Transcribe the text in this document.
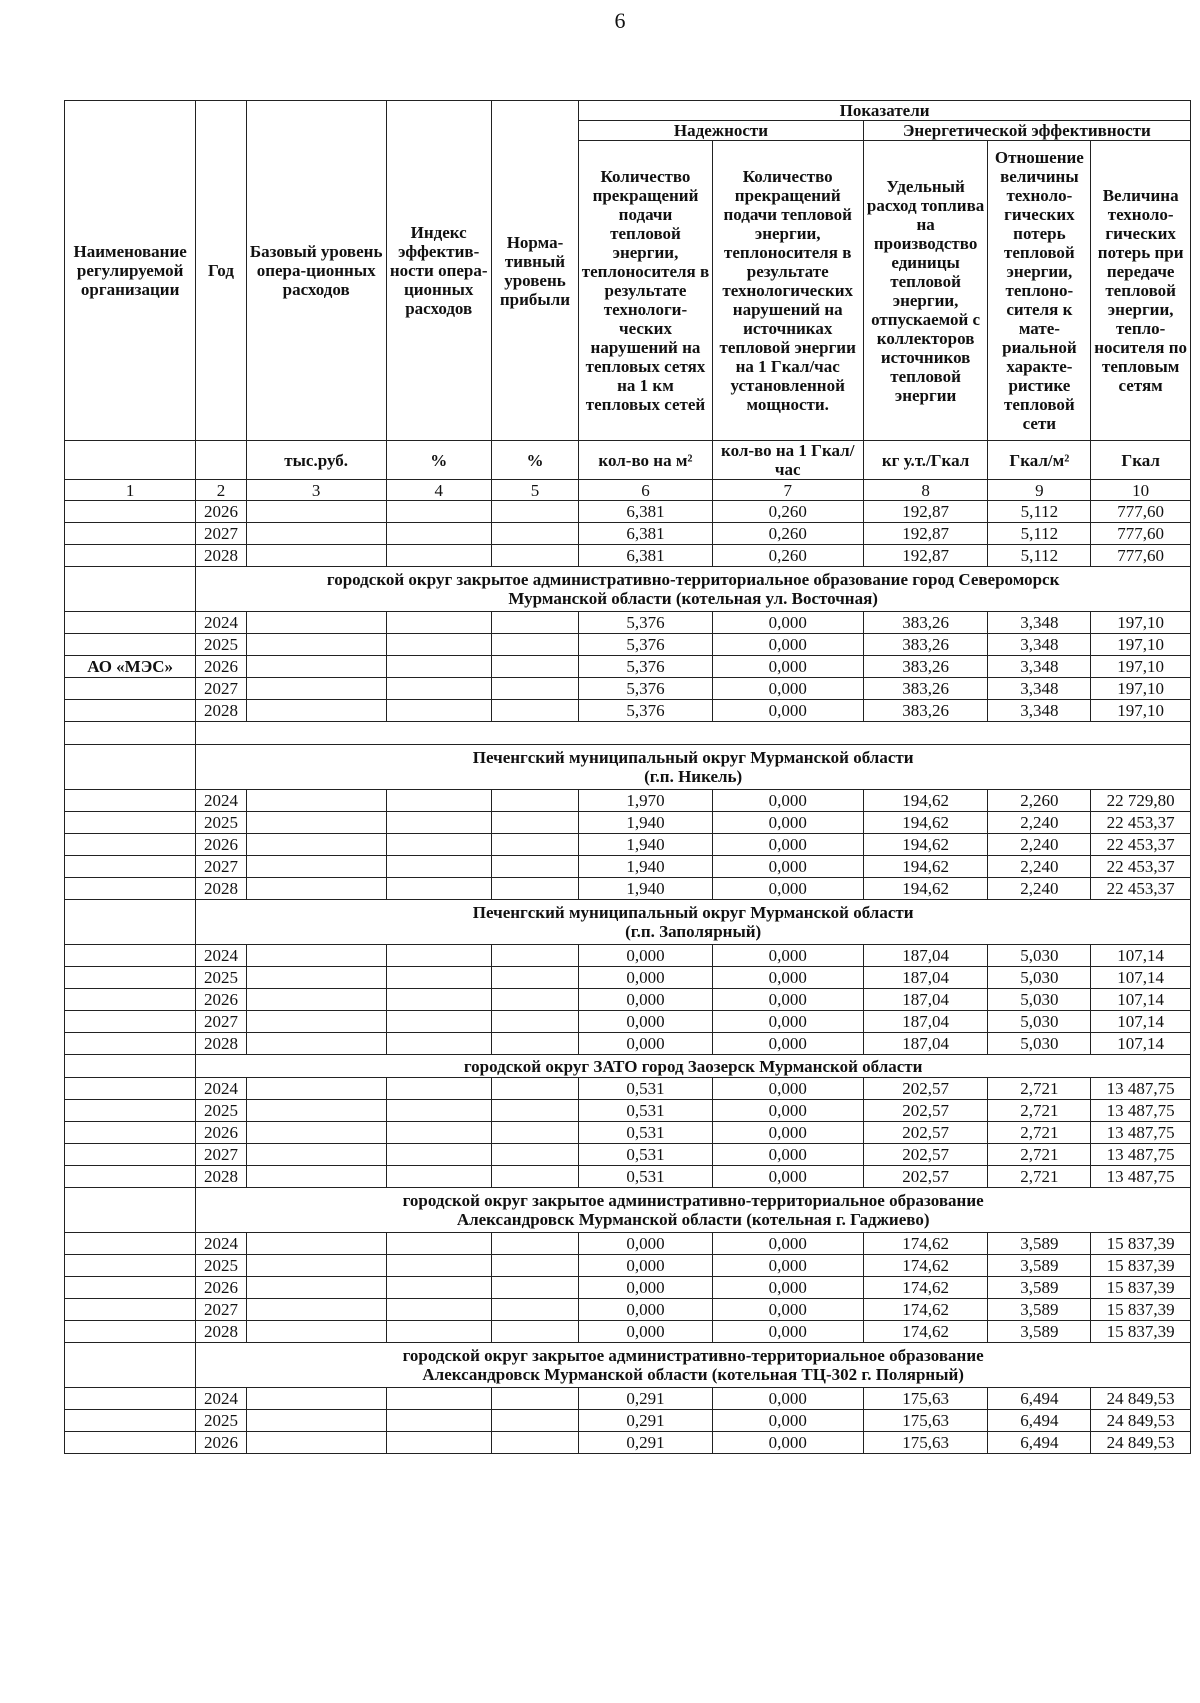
6
Наименование регулируемой организации	Год	Базовый уровень опера-ционных расходов	Индекс эффектив-ности опера-ционных расходов	Норма-тивный уровень прибыли	Показатели				
					Надежности		Энергетической эффективности		
					Количество прекращений подачи тепловой энергии, теплоносителя в результате технологи-ческих нарушений на тепловых сетях на 1 км тепловых сетей	Количество прекращений подачи тепловой энергии, теплоносителя в результате технологических нарушений на источниках тепловой энергии на 1 Гкал/час установленной мощности.	Удельный расход топлива на производство единицы тепловой энергии, отпускаемой с коллекторов источников тепловой энергии	Отношение величины техноло-гических потерь тепловой энергии, теплоно-сителя к мате-риальной характе-ристике тепловой сети	Величина техноло-гических потерь при передаче тепловой энергии, тепло-носителя по тепловым сетям
		тыс.руб.	%	%	кол-во на м²	кол-во на 1 Гкал/час	кг у.т./Гкал	Гкал/м²	Гкал
1	2	3	4	5	6	7	8	9	10
	2026				6,381	0,260	192,87	5,112	777,60
	2027				6,381	0,260	192,87	5,112	777,60
	2028				6,381	0,260	192,87	5,112	777,60

	городской округ закрытое административно-территориальное образование город Североморск
Мурманской области (котельная ул. Восточная)								

	2024				5,376	0,000	383,26	3,348	197,10
	2025				5,376	0,000	383,26	3,348	197,10
АО «МЭС»	2026				5,376	0,000	383,26	3,348	197,10
	2027				5,376	0,000	383,26	3,348	197,10
	2028				5,376	0,000	383,26	3,348	197,10

	Печенгский муниципальный округ Мурманской области
(г.п. Никель)								

	2024				1,970	0,000	194,62	2,260	22 729,80
	2025				1,940	0,000	194,62	2,240	22 453,37
	2026				1,940	0,000	194,62	2,240	22 453,37
	2027				1,940	0,000	194,62	2,240	22 453,37
	2028				1,940	0,000	194,62	2,240	22 453,37

	Печенгский муниципальный округ Мурманской области
(г.п. Заполярный)								

	2024				0,000	0,000	187,04	5,030	107,14
	2025				0,000	0,000	187,04	5,030	107,14
	2026				0,000	0,000	187,04	5,030	107,14
	2027				0,000	0,000	187,04	5,030	107,14
	2028				0,000	0,000	187,04	5,030	107,14

	городской округ ЗАТО город Заозерск Мурманской области								

	2024				0,531	0,000	202,57	2,721	13 487,75
	2025				0,531	0,000	202,57	2,721	13 487,75
	2026				0,531	0,000	202,57	2,721	13 487,75
	2027				0,531	0,000	202,57	2,721	13 487,75
	2028				0,531	0,000	202,57	2,721	13 487,75

	городской округ закрытое административно-территориальное образование
Александровск Мурманской области (котельная г. Гаджиево)								

	2024				0,000	0,000	174,62	3,589	15 837,39
	2025				0,000	0,000	174,62	3,589	15 837,39
	2026				0,000	0,000	174,62	3,589	15 837,39
	2027				0,000	0,000	174,62	3,589	15 837,39
	2028				0,000	0,000	174,62	3,589	15 837,39

	городской округ закрытое административно-территориальное образование
Александровск Мурманской области (котельная ТЦ-302 г. Полярный)								

	2024				0,291	0,000	175,63	6,494	24 849,53
	2025				0,291	0,000	175,63	6,494	24 849,53
	2026				0,291	0,000	175,63	6,494	24 849,53
